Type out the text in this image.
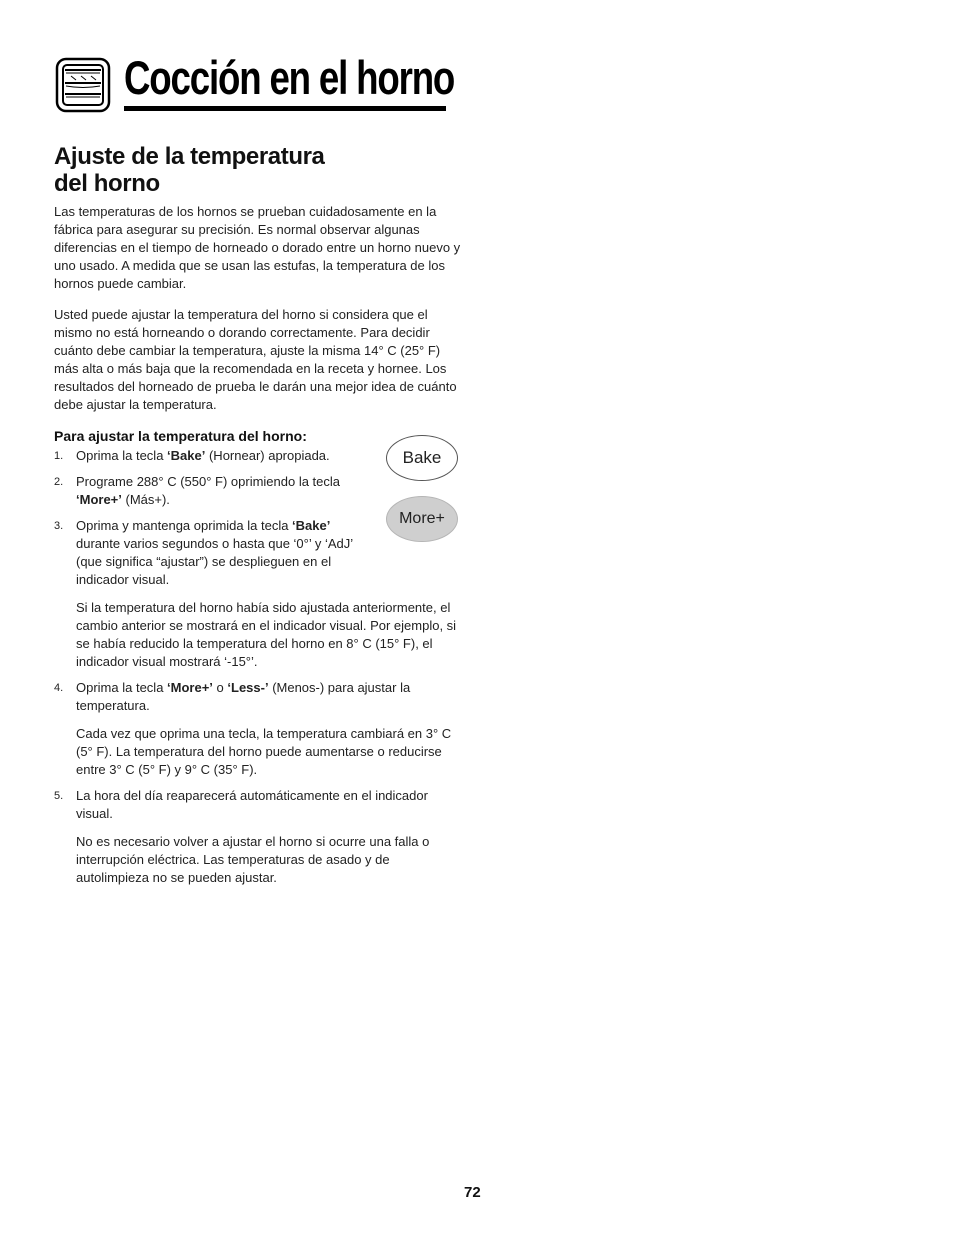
Cocción en el horno
Ajuste de la temperatura
del horno

Las temperaturas de los hornos se prueban cuidadosamente en la fábrica para asegurar su precisión. Es normal observar algunas diferencias en el tiempo de horneado o dorado entre un horno nuevo y uno usado. A medida que se usan las estufas, la temperatura de los hornos puede cambiar.

Usted puede ajustar la temperatura del horno si considera que el mismo no está horneando o dorando correctamente. Para decidir cuánto debe cambiar la temperatura, ajuste la misma 14° C (25° F) más alta o más baja que la recomendada en la receta y hornee. Los resultados del horneado de prueba le darán una mejor idea de cuánto debe ajustar la temperatura.

Para ajustar la temperatura del horno:
1. Oprima la tecla ‘Bake’ (Hornear) apropiada.
2. Programe 288° C (550° F) oprimiendo la tecla ‘More+’ (Más+).
3. Oprima y mantenga oprimida la tecla ‘Bake’ durante varios segundos o hasta que ‘0°’ y ‘AdJ’ (que significa “ajustar”) se desplieguen en el indicador visual.
Si la temperatura del horno había sido ajustada anteriormente, el cambio anterior se mostrará en el indicador visual. Por ejemplo, si se había reducido la temperatura del horno en 8° C (15° F), el indicador visual mostrará ‘-15°’.
4. Oprima la tecla ‘More+’ o ‘Less-’ (Menos-) para ajustar la temperatura.
Cada vez que oprima una tecla, la temperatura cambiará en 3° C (5° F). La temperatura del horno puede aumentarse o reducirse entre 3° C (5° F) y 9° C (35° F).
5. La hora del día reaparecerá automáticamente en el indicador visual.
No es necesario volver a ajustar el horno si ocurre una falla o interrupción eléctrica. Las temperaturas de asado y de autolimpieza no se pueden ajustar.
Bake
More+
72
